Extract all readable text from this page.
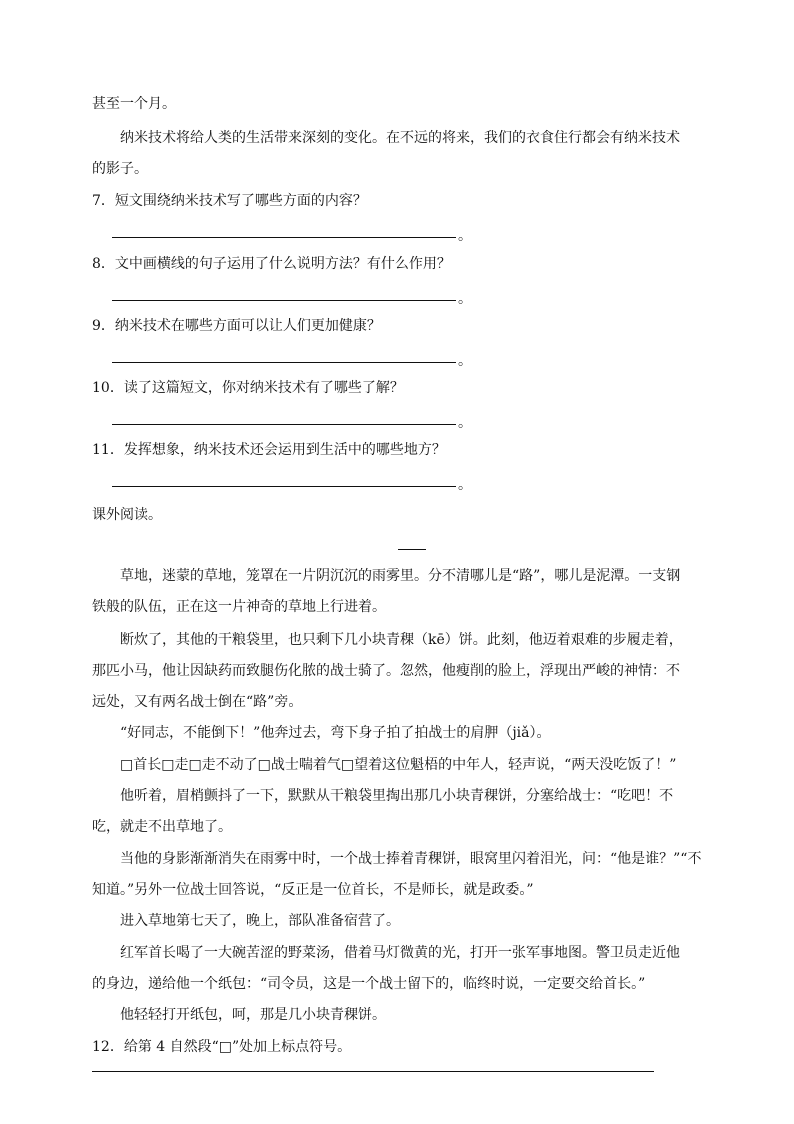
甚至一个月。
纳米技术将给人类的生活带来深刻的变化。在不远的将来，我们的衣食住行都会有纳米技术
的影子。
7．短文围绕纳米技术写了哪些方面的内容？
。
8．文中画横线的句子运用了什么说明方法？有什么作用？
。
9．纳米技术在哪些方面可以让人们更加健康？
。
10．读了这篇短文，你对纳米技术有了哪些了解？
。
11．发挥想象，纳米技术还会运用到生活中的哪些地方？
。
课外阅读。
草地，迷蒙的草地，笼罩在一片阴沉沉的雨雾里。分不清哪儿是“路”，哪儿是泥潭。一支钢
铁般的队伍，正在这一片神奇的草地上行进着。
断炊了，其他的干粮袋里，也只剩下几小块青稞（kē）饼。此刻，他迈着艰难的步履走着，
那匹小马，他让因缺药而致腿伤化脓的战士骑了。忽然，他瘦削的脸上，浮现出严峻的神情：不
远处，又有两名战士倒在“路”旁。
“好同志，不能倒下！”他奔过去，弯下身子拍了拍战士的肩胛（jiǎ）。
□首长□走□走不动了□战士喘着气□望着这位魁梧的中年人，轻声说，“两天没吃饭了！”
他听着，眉梢颤抖了一下，默默从干粮袋里掏出那几小块青稞饼，分塞给战士：“吃吧！不
吃，就走不出草地了。
当他的身影渐渐消失在雨雾中时，一个战士捧着青稞饼，眼窝里闪着泪光，问：“他是谁？”“不
知道。”另外一位战士回答说，“反正是一位首长，不是师长，就是政委。”
进入草地第七天了，晚上，部队准备宿营了。
红军首长喝了一大碗苦涩的野菜汤，借着马灯微黄的光，打开一张军事地图。警卫员走近他
的身边，递给他一个纸包：“司令员，这是一个战士留下的，临终时说，一定要交给首长。”
他轻轻打开纸包，呵，那是几小块青稞饼。
12．给第 4 自然段“□”处加上标点符号。
